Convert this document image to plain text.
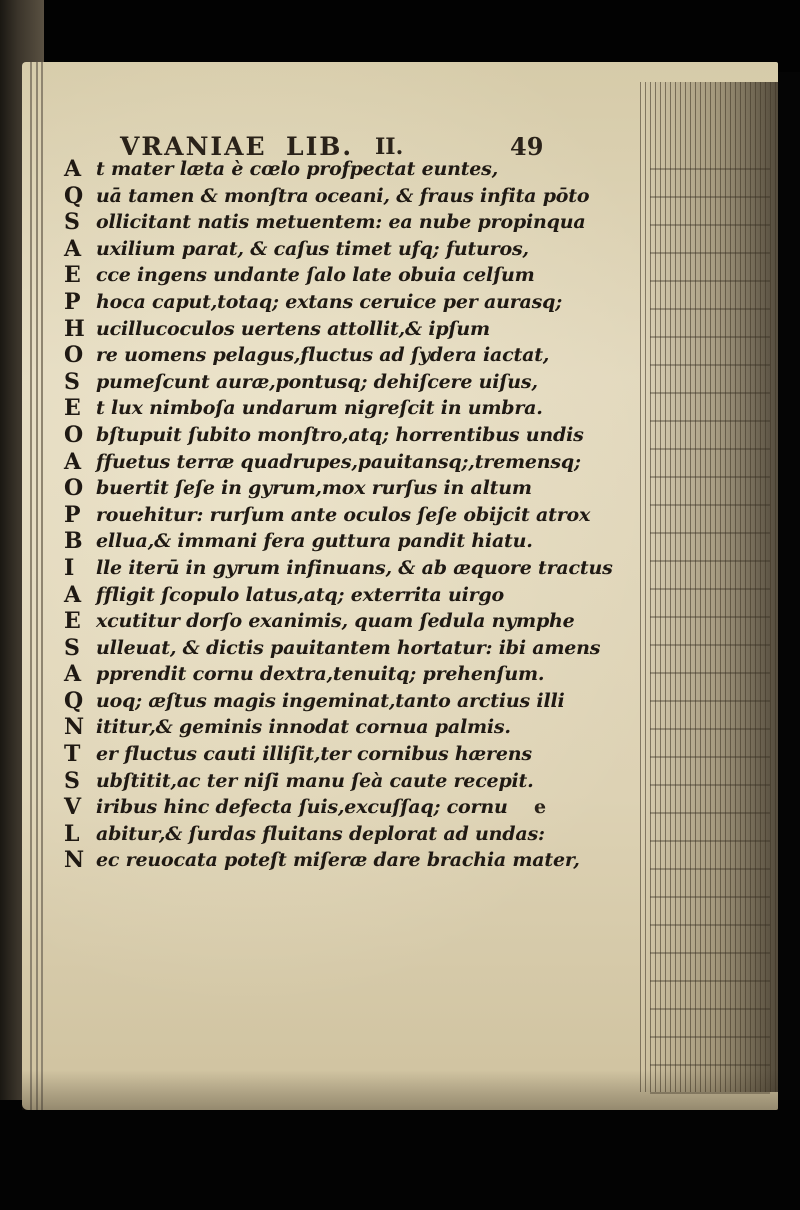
VRANIAE LIB. II.	49
A t mater læta è cœlo profpectat euntes,
Q uā tamen & monſtra oceani, & fraus infita pōto
S ollicitant natis metuentem: ea nube propinqua
A uxilium parat, & caſus timet ufq; futuros,
E cce ingens undante ſalo late obuia celſum
P hoca caput,totaq; extans ceruice per aurasq;
H ucillucoculos uertens attollit,& ipſum
O re uomens pelagus,fluctus ad ſydera iactat,
S pumeſcunt auræ,pontusq; dehiſcere uiſus,
E t lux nimboſa undarum nigreſcit in umbra.
O bſtupuit ſubito monſtro,atq; horrentibus undis
A ffuetus terræ quadrupes,pauitansq;,tremensq;
O buertit ſeſe in gyrum,mox rurſus in altum
P rouehitur: rurſum ante oculos ſeſe obijcit atrox
B ellua,& immani fera guttura pandit hiatu.
I	lle iterū in gyrum infinuans, & ab æquore tractus
A ffligit ſcopulo latus,atq; exterrita uirgo
E xcutitur dorſo exanimis, quam ſedula nymphe
S ulleuat, & dictis pauitantem hortatur: ibi amens
A pprendit cornu dextra,tenuitq; prehenſum.
Q uoq; æſtus magis ingeminat,tanto arctius illi
N ititur,& geminis innodat cornua palmis.
T er fluctus cauti illiſit,ter cornibus hærens
S ubſtitit,ac ter niſi manu ſeà caute recepit.
V iribus hinc defecta ſuis,excuſſaq; cornu
L abitur,& ſurdas fluitans deplorat ad undas:
N ec reuocata poteſt miſeræ dare brachia mater,
e
